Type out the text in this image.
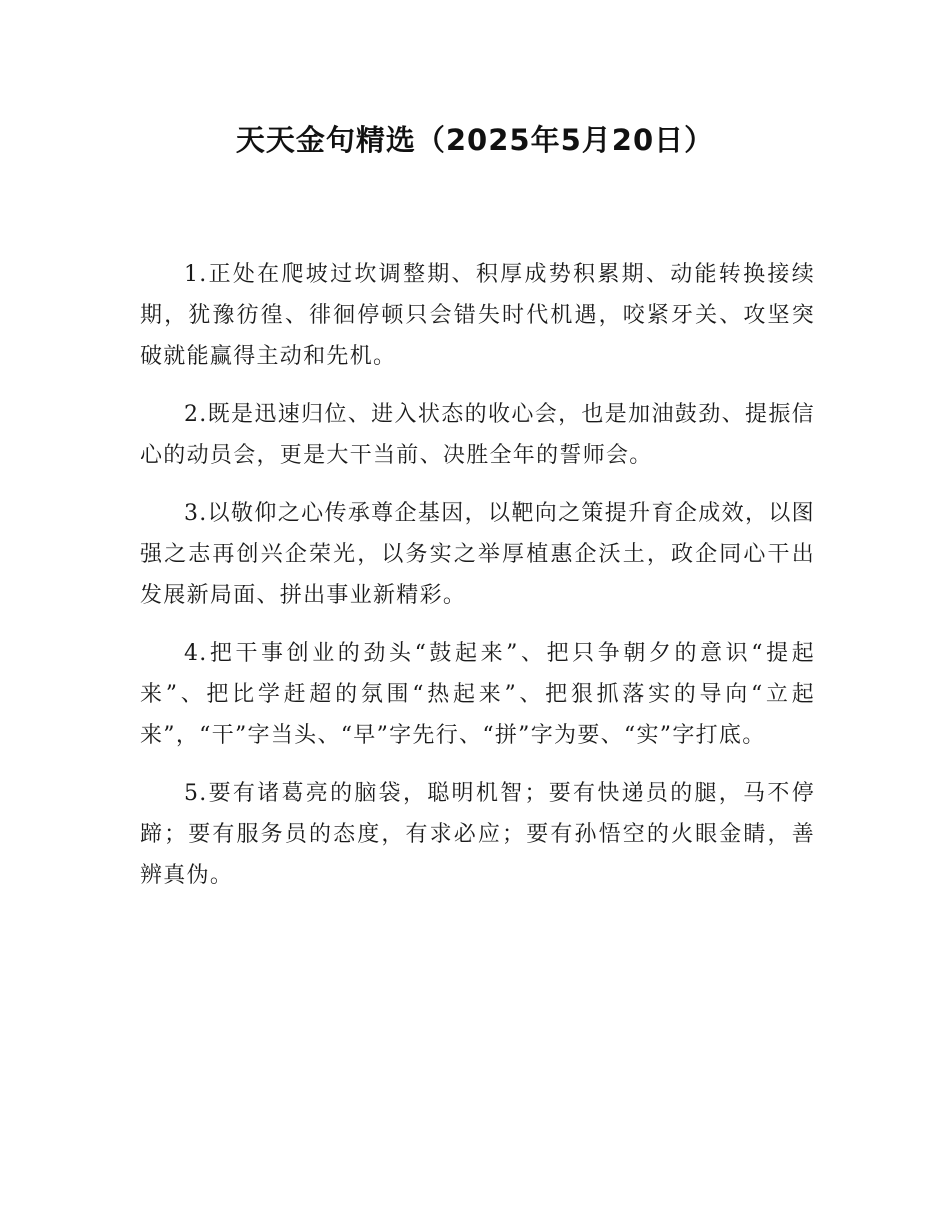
天天金句精选（2025年5月20日）

1.正处在爬坡过坎调整期、积厚成势积累期、动能转换接续期，犹豫彷徨、徘徊停顿只会错失时代机遇，咬紧牙关、攻坚突破就能赢得主动和先机。

2.既是迅速归位、进入状态的收心会，也是加油鼓劲、提振信心的动员会，更是大干当前、决胜全年的誓师会。

3.以敬仰之心传承尊企基因，以靶向之策提升育企成效，以图强之志再创兴企荣光，以务实之举厚植惠企沃土，政企同心干出发展新局面、拼出事业新精彩。

4.把干事创业的劲头“鼓起来”、把只争朝夕的意识“提起来”、把比学赶超的氛围“热起来”、把狠抓落实的导向“立起来”，“干”字当头、“早”字先行、“拼”字为要、“实”字打底。

5.要有诸葛亮的脑袋，聪明机智；要有快递员的腿，马不停蹄；要有服务员的态度，有求必应；要有孙悟空的火眼金睛，善辨真伪。
